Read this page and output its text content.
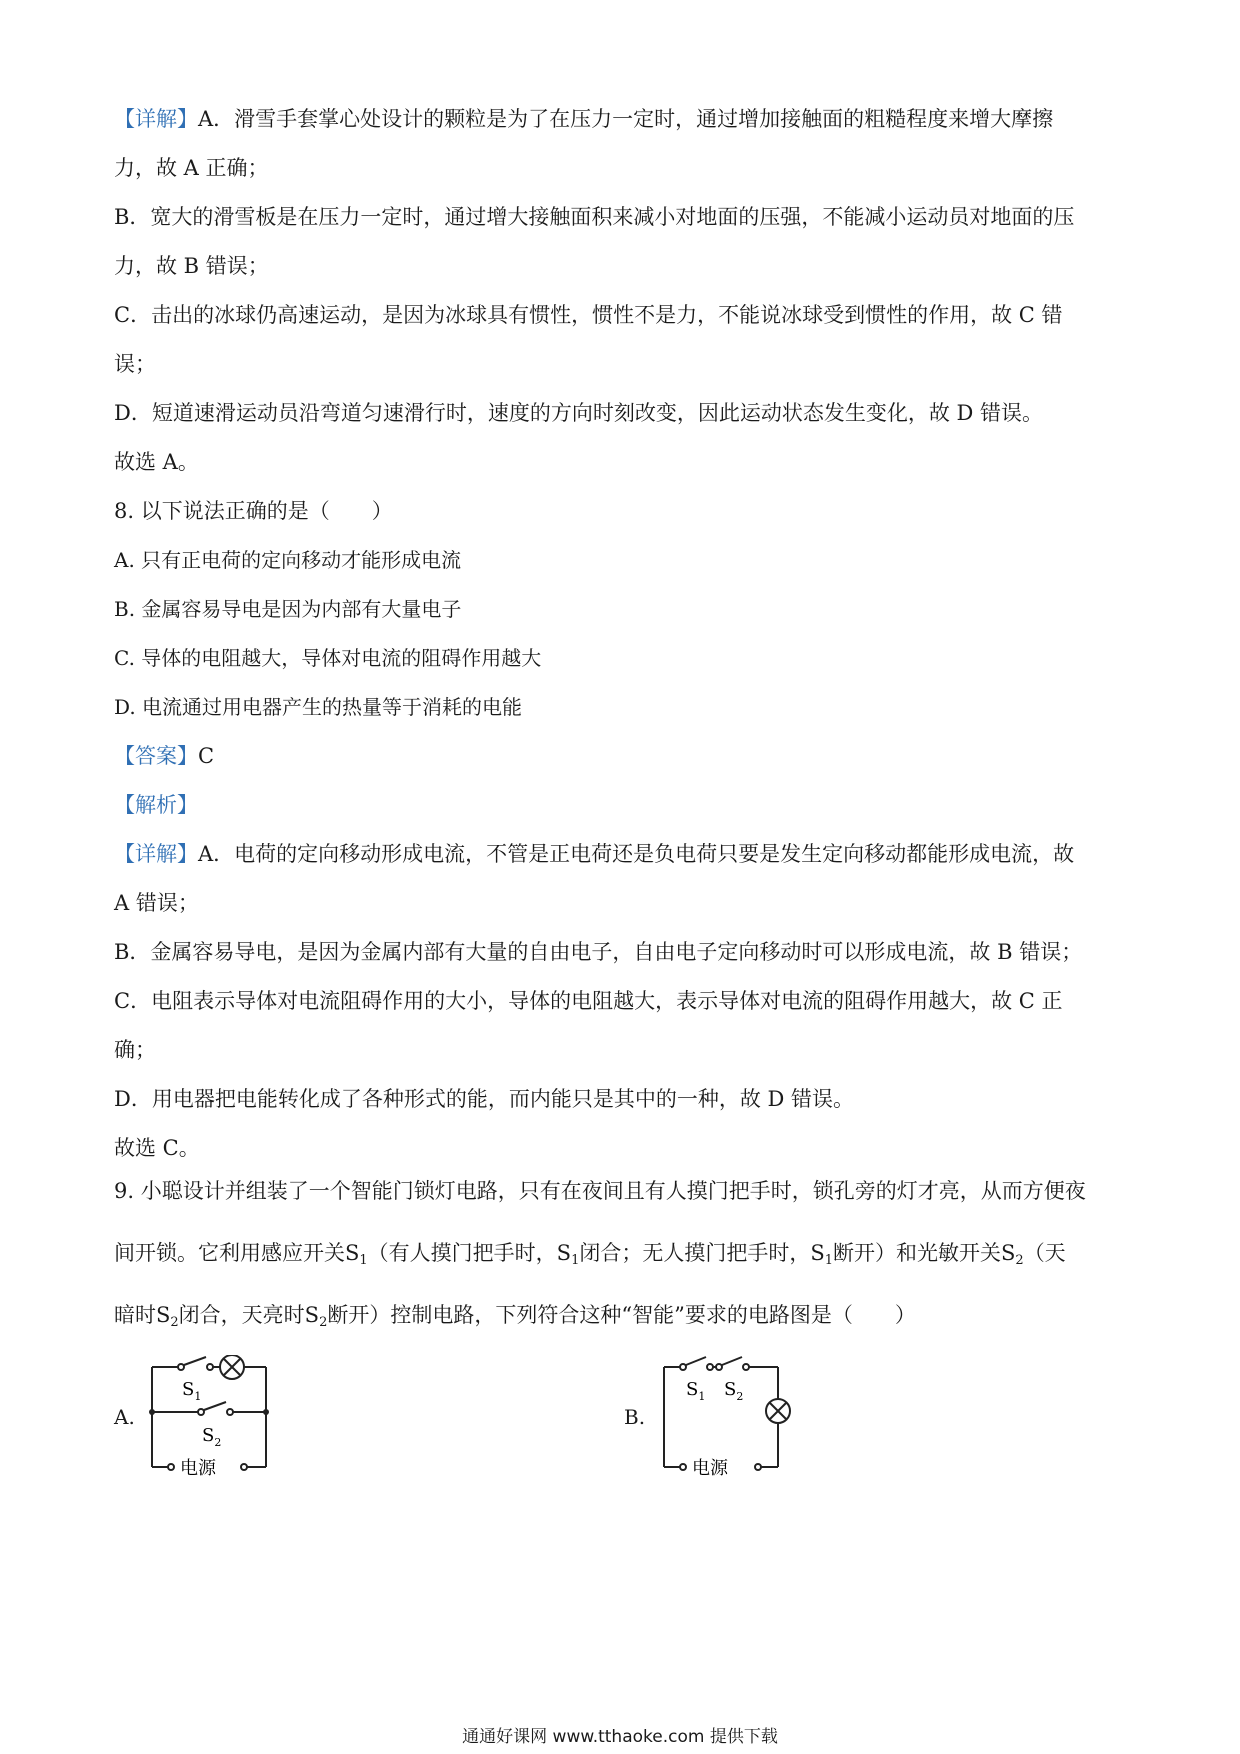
【详解】A．滑雪手套掌心处设计的颗粒是为了在压力一定时，通过增加接触面的粗糙程度来增大摩擦
力，故 A 正确；
B．宽大的滑雪板是在压力一定时，通过增大接触面积来减小对地面的压强，不能减小运动员对地面的压
力，故 B 错误；
C．击出的冰球仍高速运动，是因为冰球具有惯性，惯性不是力，不能说冰球受到惯性的作用，故 C 错
误；
D．短道速滑运动员沿弯道匀速滑行时，速度的方向时刻改变，因此运动状态发生变化，故 D 错误。
故选 A。
8. 以下说法正确的是（　　）
A. 只有正电荷的定向移动才能形成电流
B. 金属容易导电是因为内部有大量电子
C. 导体的电阻越大，导体对电流的阻碍作用越大
D. 电流通过用电器产生的热量等于消耗的电能
【答案】C
【解析】
【详解】A．电荷的定向移动形成电流，不管是正电荷还是负电荷只要是发生定向移动都能形成电流，故
A 错误；
B．金属容易导电，是因为金属内部有大量的自由电子，自由电子定向移动时可以形成电流，故 B 错误；
C．电阻表示导体对电流阻碍作用的大小，导体的电阻越大，表示导体对电流的阻碍作用越大，故 C 正
确；
D．用电器把电能转化成了各种形式的能，而内能只是其中的一种，故 D 错误。
故选 C。
9. 小聪设计并组装了一个智能门锁灯电路，只有在夜间且有人摸门把手时，锁孔旁的灯才亮，从而方便夜
间开锁。它利用感应开关$S_1$（有人摸门把手时，$S_1$闭合；无人摸门把手时，$S_1$断开）和光敏开关$S_2$（天
暗时$S_2$闭合，天亮时$S_2$断开）控制电路，下列符合这种“智能”要求的电路图是（　　）
A.
$S_1$
$S_2$
电源
B.
$S_1$ $S_2$
电源
通通好课网 www.tthaoke.com 提供下载
